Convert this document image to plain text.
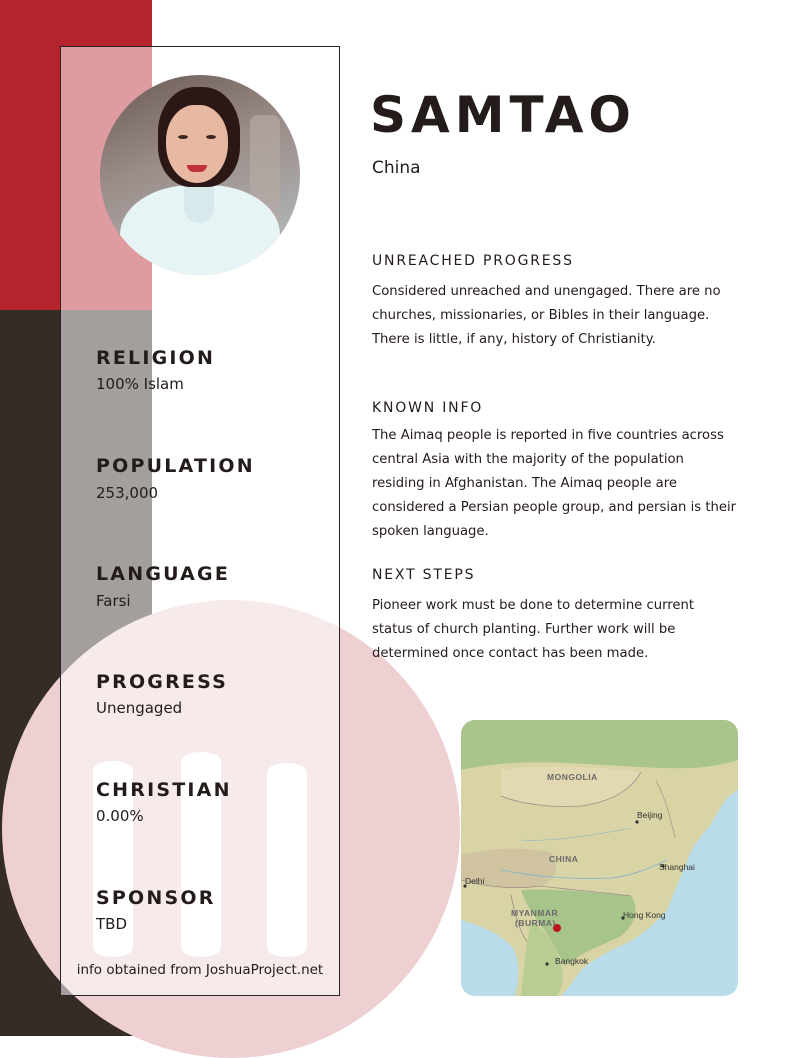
RELIGION
100% Islam
POPULATION
253,000
LANGUAGE
Farsi
PROGRESS
Unengaged
CHRISTIAN
0.00%
SPONSOR
TBD
info obtained from JoshuaProject.net
SAMTAO
China
UNREACHED PROGRESS
Considered unreached and unengaged. There are no
churches, missionaries, or Bibles in their language.
There is little, if any, history of Christianity.
KNOWN INFO
The Aimaq people is reported in five countries across
central Asia with the majority of the population
residing in Afghanistan. The Aimaq people are
considered a Persian people group, and persian is their
spoken language.
NEXT STEPS
Pioneer work must be done to determine current
status of church planting. Further work will be
determined once contact has been made.
MONGOLIA
Beijing
CHINA
Shanghai
Delhi
MYANMAR
(BURMA)
Hong Kong
Bangkok
